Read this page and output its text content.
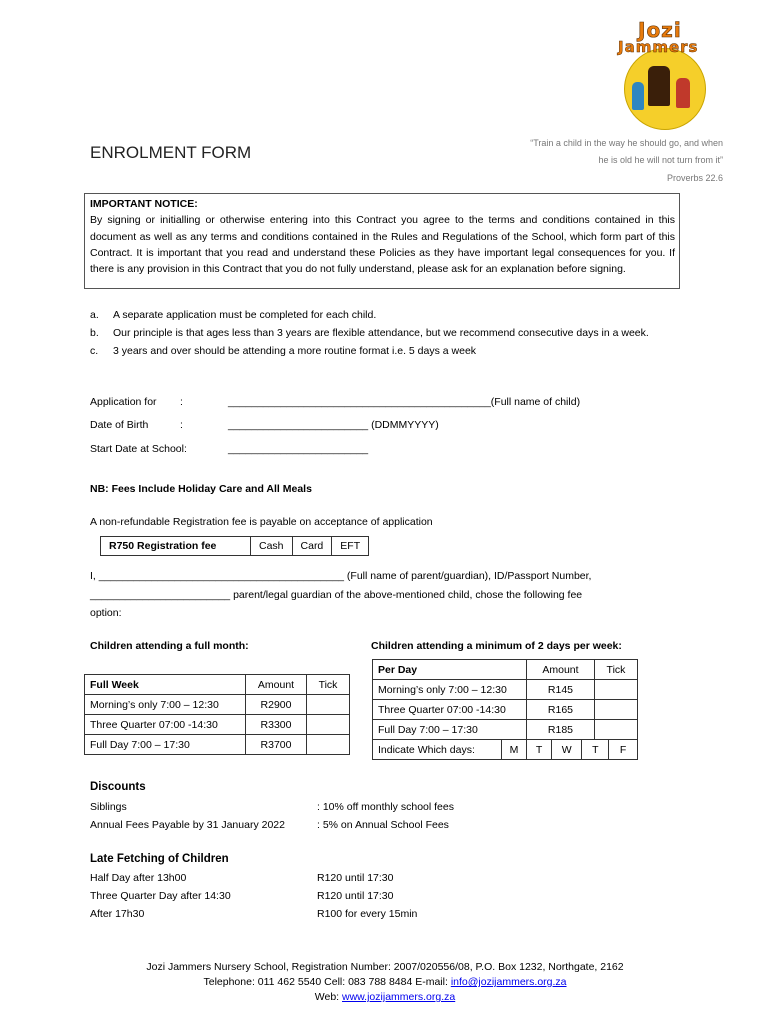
Jozi
Jammers
ENROLMENT FORM	“Train a child in the way he should go, and when
he is old he will not turn from it”
Proverbs 22.6
IMPORTANT NOTICE:
By signing or initialling or otherwise entering into this Contract you agree to the terms and conditions contained in this document as well as any terms and conditions contained in the Rules and Regulations of the School, which form part of this Contract. It is important that you read and understand these Policies as they have important legal consequences for you. If there is any provision in this Contract that you do not fully understand, please ask for an explanation before signing.
a.	A separate application must be completed for each child.
b.	Our principle is that ages less than 3 years are flexible attendance, but we recommend consecutive days in a week.
c.	3 years and over should be attending a more routine format i.e. 5 days a week
Application for :	_____________________________________________(Full name of child)
Date of Birth	:	________________________ (DDMMYYYY)
Start Date at School:	________________________
NB: Fees Include Holiday Care and All Meals
A non-refundable Registration fee is payable on acceptance of application
R750 Registration fee	Cash	Card	EFT
I, __________________________________________ (Full name of parent/guardian), ID/Passport Number,
________________________ parent/legal guardian of the above-mentioned child, chose the following fee
option:
Children attending a full month:
Full Week	Amount	Tick
Morning’s only 7:00 – 12:30	R2900	
Three Quarter 07:00 -14:30	R3300	
Full Day 7:00 – 17:30	R3700	
Children attending a minimum of 2 days per week:
Per Day		Amount			Tick	
Morning’s only 7:00 – 12:30		R145				
Three Quarter 07:00 -14:30		R165				
Full Day 7:00 – 17:30		R185				
Indicate Which days:	M	T	W	T		F
Discounts
Siblings	: 10% off monthly school fees
Annual Fees Payable by 31 January 2022	: 5% on Annual School Fees
Late Fetching of Children
Half Day after 13h00	R120 until 17:30
Three Quarter Day after 14:30	R120 until 17:30
After 17h30	R100 for every 15min
Jozi Jammers Nursery School, Registration Number: 2007/020556/08, P.O. Box 1232, Northgate, 2162
Telephone: 011 462 5540 Cell: 083 788 8484 E-mail: info@jozijammers.org.za
Web: www.jozijammers.org.za
